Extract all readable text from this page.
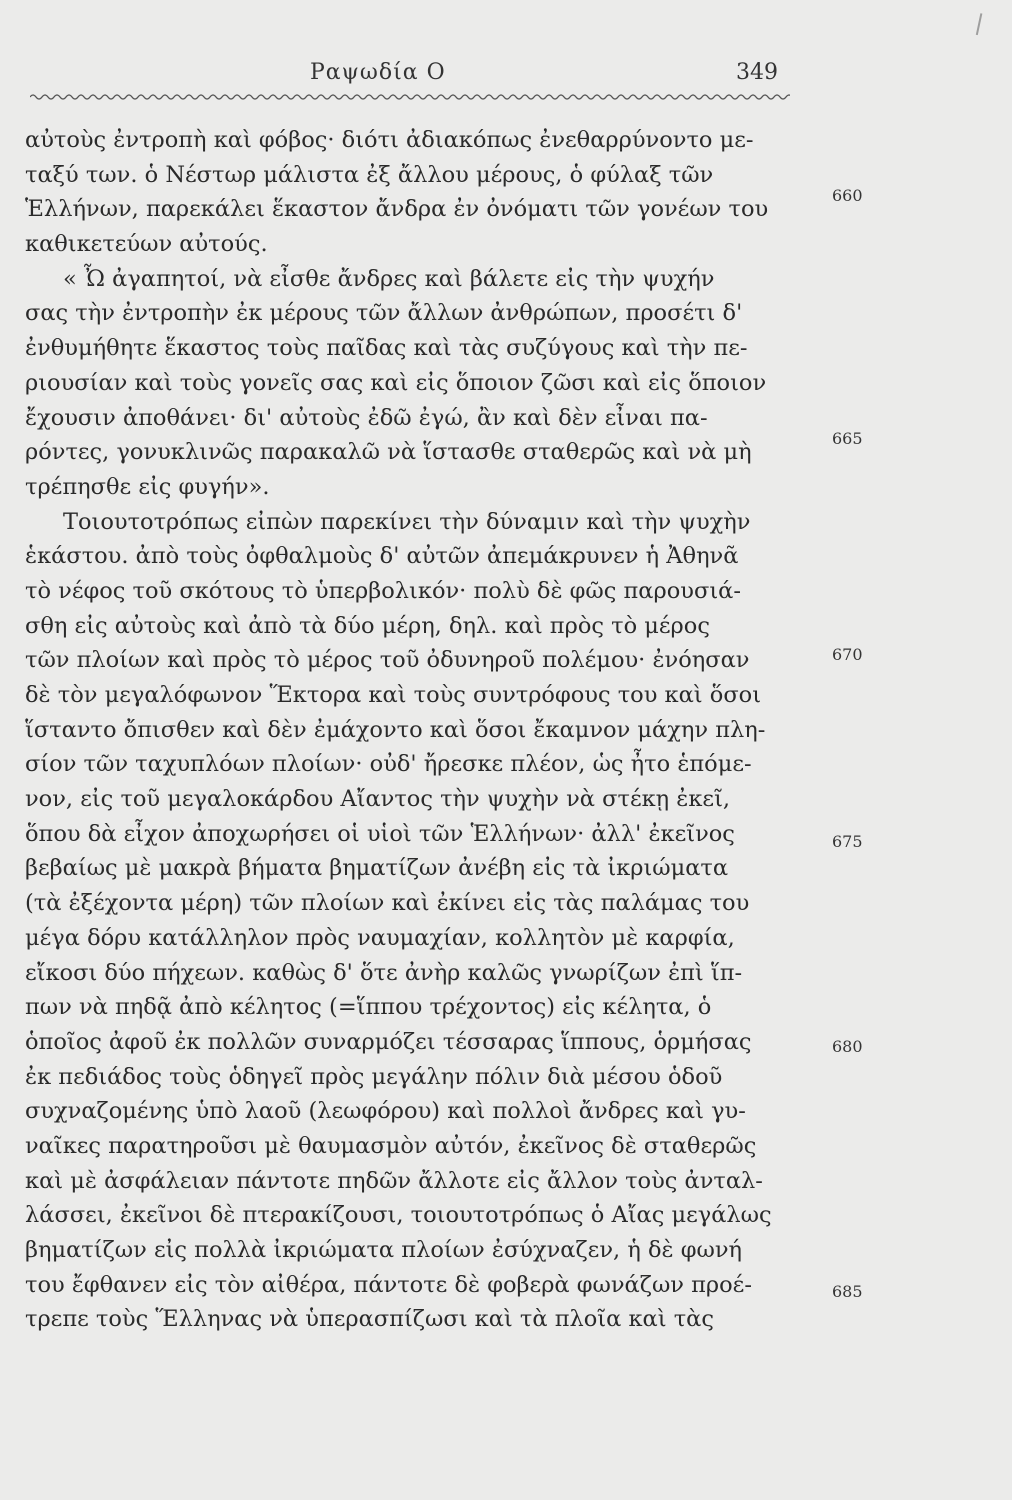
Ραψωδία Ο	349
αὐτοὺς ἐντροπὴ καὶ φόβος· διότι ἀδιακόπως ἐνεθαρρύνοντο με-
ταξύ των. ὁ Νέστωρ μάλιστα ἐξ ἄλλου μέρους, ὁ φύλαξ τῶν
Ἑλλήνων, παρεκάλει ἕκαστον ἄνδρα ἐν ὀνόματι τῶν γονέων του
καθικετεύων αὐτούς.
« Ὦ ἀγαπητοί, νὰ εἶσθε ἄνδρες καὶ βάλετε εἰς τὴν ψυχήν
σας τὴν ἐντροπὴν ἐκ μέρους τῶν ἄλλων ἀνθρώπων, προσέτι δ'
ἐνθυμήθητε ἕκαστος τοὺς παῖδας καὶ τὰς συζύγους καὶ τὴν πε-
ριουσίαν καὶ τοὺς γονεῖς σας καὶ εἰς ὅποιον ζῶσι καὶ εἰς ὅποιον
ἔχουσιν ἀποθάνει· δι' αὐτοὺς ἐδῶ ἐγώ, ἂν καὶ δὲν εἶναι πα-
ρόντες, γονυκλινῶς παρακαλῶ νὰ ἵστασθε σταθερῶς καὶ νὰ μὴ
τρέπησθε εἰς φυγήν».
Τοιουτοτρόπως εἰπὼν παρεκίνει τὴν δύναμιν καὶ τὴν ψυχὴν
ἑκάστου. ἀπὸ τοὺς ὀφθαλμοὺς δ' αὐτῶν ἀπεμάκρυνεν ἡ Ἀθηνᾶ
τὸ νέφος τοῦ σκότους τὸ ὑπερβολικόν· πολὺ δὲ φῶς παρουσιά-
σθη εἰς αὐτοὺς καὶ ἀπὸ τὰ δύο μέρη, δηλ. καὶ πρὸς τὸ μέρος
τῶν πλοίων καὶ πρὸς τὸ μέρος τοῦ ὀδυνηροῦ πολέμου· ἐνόησαν
δὲ τὸν μεγαλόφωνον Ἕκτορα καὶ τοὺς συντρόφους του καὶ ὅσοι
ἵσταντο ὄπισθεν καὶ δὲν ἐμάχοντο καὶ ὅσοι ἔκαμνον μάχην πλη-
σίον τῶν ταχυπλόων πλοίων· οὐδ' ἤρεσκε πλέον, ὡς ἦτο ἑπόμε-
νον, εἰς τοῦ μεγαλοκάρδου Αἴαντος τὴν ψυχὴν νὰ στέκῃ ἐκεῖ,
ὅπου δὰ εἶχον ἀποχωρήσει οἱ υἱοὶ τῶν Ἑλλήνων· ἀλλ' ἐκεῖνος
βεβαίως μὲ μακρὰ βήματα βηματίζων ἀνέβη εἰς τὰ ἰκριώματα
(τὰ ἐξέχοντα μέρη) τῶν πλοίων καὶ ἐκίνει εἰς τὰς παλάμας του
μέγα δόρυ κατάλληλον πρὸς ναυμαχίαν, κολλητὸν μὲ καρφία,
εἴκοσι δύο πήχεων. καθὼς δ' ὅτε ἀνὴρ καλῶς γνωρίζων ἐπὶ ἵπ-
πων νὰ πηδᾷ ἀπὸ κέλητος (=ἵππου τρέχοντος) εἰς κέλητα, ὁ
ὁποῖος ἀφοῦ ἐκ πολλῶν συναρμόζει τέσσαρας ἵππους, ὁρμήσας
ἐκ πεδιάδος τοὺς ὁδηγεῖ πρὸς μεγάλην πόλιν διὰ μέσου ὁδοῦ
συχναζομένης ὑπὸ λαοῦ (λεωφόρου) καὶ πολλοὶ ἄνδρες καὶ γυ-
ναῖκες παρατηροῦσι μὲ θαυμασμὸν αὐτόν, ἐκεῖνος δὲ σταθερῶς
καὶ μὲ ἀσφάλειαν πάντοτε πηδῶν ἄλλοτε εἰς ἄλλον τοὺς ἀνταλ-
λάσσει, ἐκεῖνοι δὲ πτερακίζουσι, τοιουτοτρόπως ὁ Αἴας μεγάλως
βηματίζων εἰς πολλὰ ἰκριώματα πλοίων ἐσύχναζεν, ἡ δὲ φωνή
του ἔφθανεν εἰς τὸν αἰθέρα, πάντοτε δὲ φοβερὰ φωνάζων προέ-
τρεπε τοὺς Ἕλληνας νὰ ὑπερασπίζωσι καὶ τὰ πλοῖα καὶ τὰς
660
665
670
675
680
685
